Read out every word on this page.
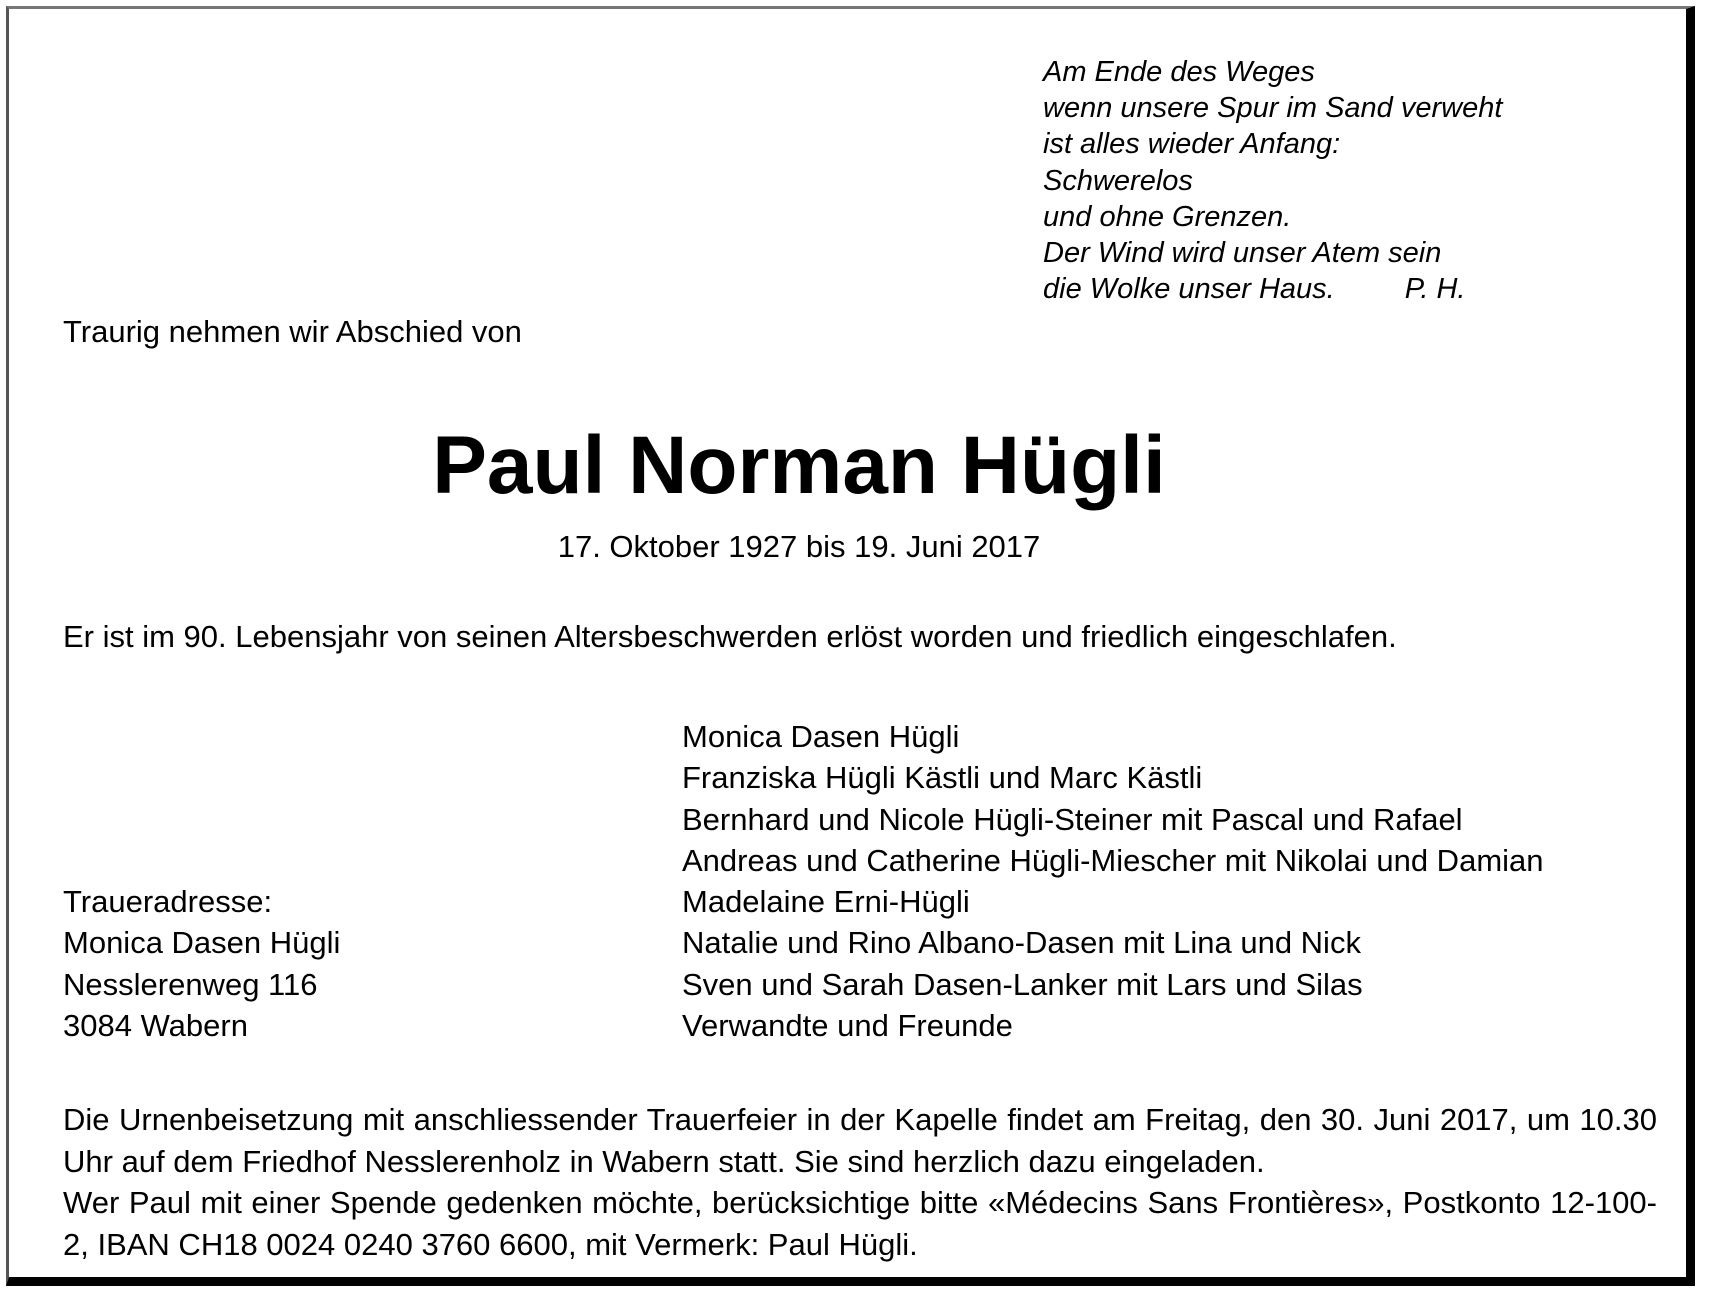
Am Ende des Weges
wenn unsere Spur im Sand verweht
ist alles wieder Anfang:
Schwerelos
und ohne Grenzen.
Der Wind wird unser Atem sein
die Wolke unser Haus. P. H.
Traurig nehmen wir Abschied von
Paul Norman Hügli
17. Oktober 1927 bis 19. Juni 2017
Er ist im 90. Lebensjahr von seinen Altersbeschwerden erlöst worden und friedlich eingeschlafen.
Monica Dasen Hügli
Franziska Hügli Kästli und Marc Kästli
Bernhard und Nicole Hügli-Steiner mit Pascal und Rafael
Andreas und Catherine Hügli-Miescher mit Nikolai und Damian
Madelaine Erni-Hügli
Natalie und Rino Albano-Dasen mit Lina und Nick
Sven und Sarah Dasen-Lanker mit Lars und Silas
Verwandte und Freunde
Traueradresse:
Monica Dasen Hügli
Nesslerenweg 116
3084 Wabern

Die Urnenbeisetzung mit anschliessender Trauerfeier in der Kapelle findet am Freitag, den 30. Juni 2017, um 10.30 Uhr auf dem Friedhof Nesslerenholz in Wabern statt. Sie sind herzlich dazu eingeladen.

Wer Paul mit einer Spende gedenken möchte, berücksichtige bitte «Médecins Sans Frontières», Postkonto 12-100-2, IBAN CH18 0024 0240 3760 6600, mit Vermerk: Paul Hügli.
